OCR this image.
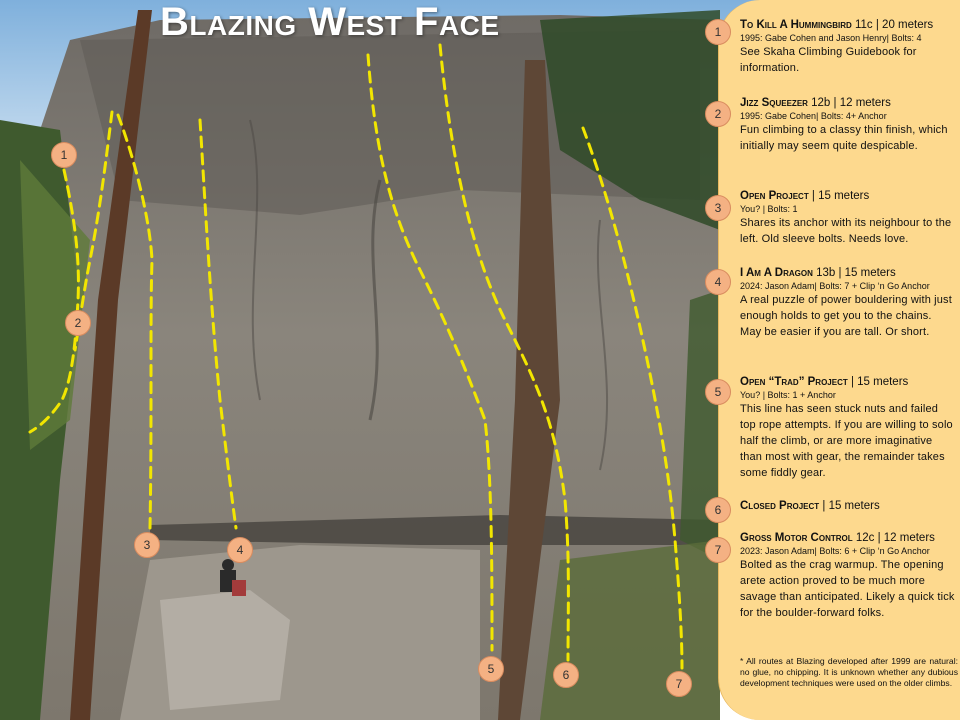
Blazing West Face
1
2
3	4
5	6
7
1
2
3
4
5
6
7
To Kill A Hummingbird 11c | 20 meters
1995: Gabe Cohen and Jason Henry| Bolts: 4
See Skaha Climbing Guidebook for information.
Jizz Squeezer 12b | 12 meters
1995: Gabe Cohen| Bolts: 4+ Anchor
Fun climbing to a classy thin finish, which initially may seem quite despicable.
Open Project | 15 meters
You? | Bolts: 1
Shares its anchor with its neighbour to the left. Old sleeve bolts. Needs love.
I Am A Dragon 13b | 15 meters
2024: Jason Adam| Bolts: 7 + Clip ‘n Go Anchor
A real puzzle of power bouldering with just enough holds to get you to the chains. May be easier if you are tall. Or short.
Open “Trad” Project | 15 meters
You? | Bolts: 1 + Anchor
This line has seen stuck nuts and failed top rope attempts. If you are willing to solo half the climb, or are more imaginative than most with gear, the remainder takes some fiddly gear.
Closed Project | 15 meters
Gross Motor Control 12c | 12 meters
2023: Jason Adam| Bolts: 6 + Clip ‘n Go Anchor
Bolted as the crag warmup. The opening arete action proved to be much more savage than anticipated. Likely a quick tick for the boulder-forward folks.
* All routes at Blazing developed after 1999 are natural: no glue, no chipping. It is unknown whether any dubious development techniques were used on the older climbs.
